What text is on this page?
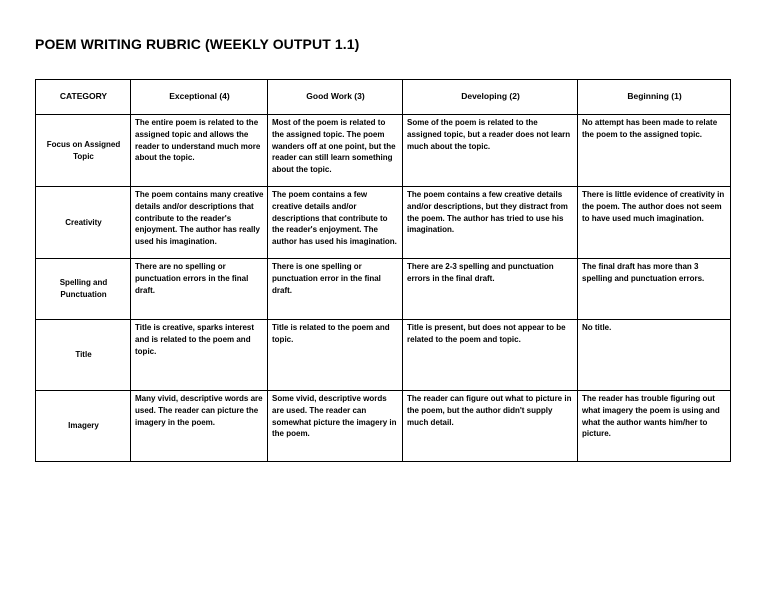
POEM WRITING RUBRIC (WEEKLY OUTPUT 1.1)
CATEGORY	Exceptional (4)	Good Work (3)	Developing (2)	Beginning (1)
Focus on Assigned Topic	The entire poem is related to the assigned topic and allows the reader to understand much more about the topic.	Most of the poem is related to the assigned topic. The poem wanders off at one point, but the reader can still learn something about the topic.	Some of the poem is related to the assigned topic, but a reader does not learn much about the topic.	No attempt has been made to relate the poem to the assigned topic.
Creativity	The poem contains many creative details and/or descriptions that contribute to the reader's enjoyment. The author has really used his imagination.	The poem contains a few creative details and/or descriptions that contribute to the reader's enjoyment. The author has used his imagination.	The poem contains a few creative details and/or descriptions, but they distract from the poem. The author has tried to use his imagination.	There is little evidence of creativity in the poem. The author does not seem to have used much imagination.
Spelling and Punctuation	There are no spelling or punctuation errors in the final draft.	There is one spelling or punctuation error in the final draft.	There are 2-3 spelling and punctuation errors in the final draft.	The final draft has more than 3 spelling and punctuation errors.
Title	Title is creative, sparks interest and is related to the poem and topic.	Title is related to the poem and topic.	Title is present, but does not appear to be related to the poem and topic.	No title.
Imagery	Many vivid, descriptive words are used. The reader can picture the imagery in the poem.	Some vivid, descriptive words are used. The reader can somewhat picture the imagery in the poem.	The reader can figure out what to picture in the poem, but the author didn't supply much detail.	The reader has trouble figuring out what imagery the poem is using and what the author wants him/her to picture.
